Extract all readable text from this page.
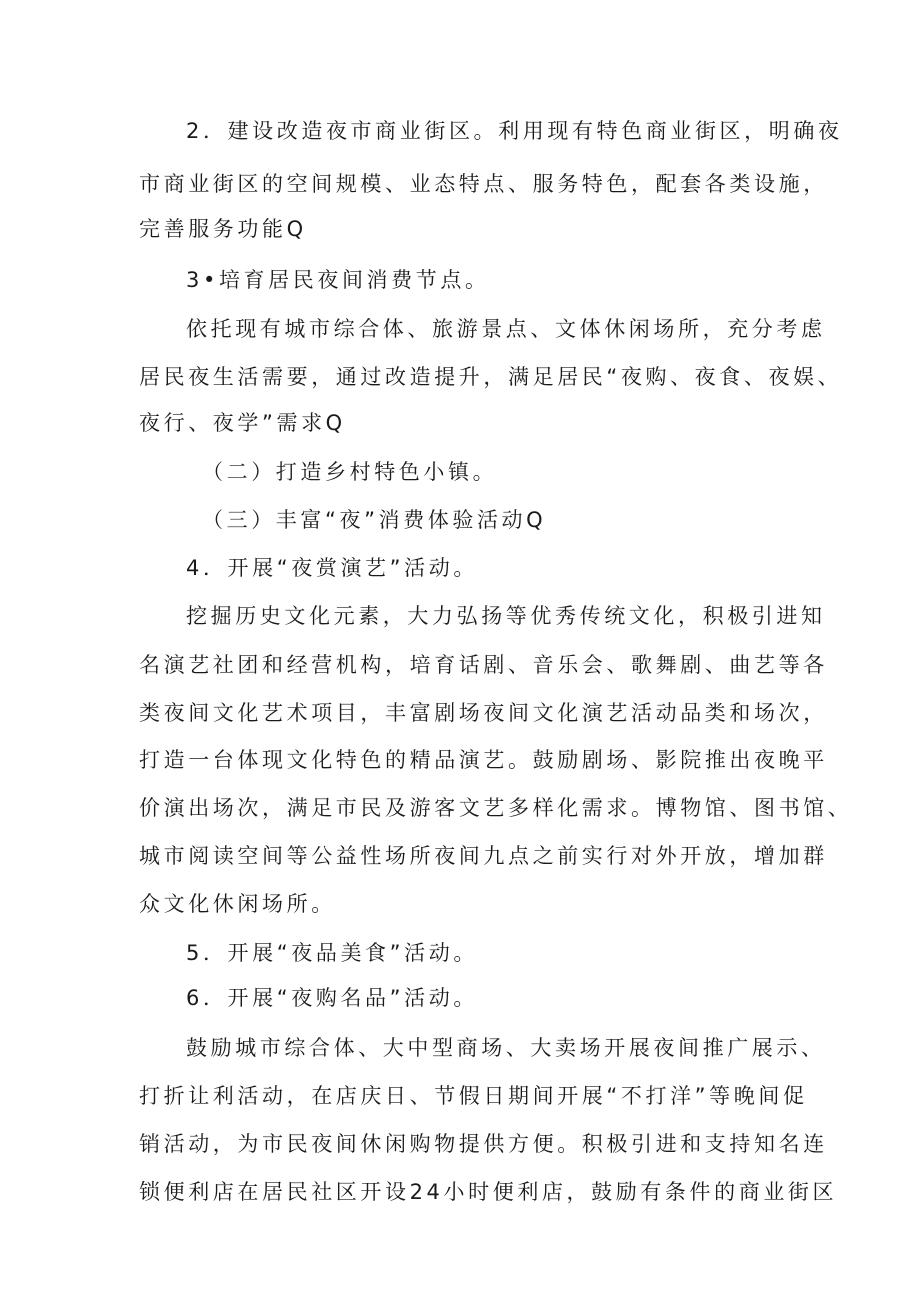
2．建设改造夜市商业街区。利用现有特色商业街区，明确夜

市商业街区的空间规模、业态特点、服务特色，配套各类设施，

完善服务功能Q

3•培育居民夜间消费节点。

依托现有城市综合体、旅游景点、文体休闲场所，充分考虑

居民夜生活需要，通过改造提升，满足居民“夜购、夜食、夜娱、

夜行、夜学”需求Q

（二）打造乡村特色小镇。

（三）丰富“夜”消费体验活动Q

4．开展“夜赏演艺”活动。

挖掘历史文化元素，大力弘扬等优秀传统文化，积极引进知

名演艺社团和经营机构，培育话剧、音乐会、歌舞剧、曲艺等各

类夜间文化艺术项目，丰富剧场夜间文化演艺活动品类和场次，

打造一台体现文化特色的精品演艺。鼓励剧场、影院推出夜晚平

价演出场次，满足市民及游客文艺多样化需求。博物馆、图书馆、

城市阅读空间等公益性场所夜间九点之前实行对外开放，增加群

众文化休闲场所。

5．开展“夜品美食”活动。

6．开展“夜购名品”活动。

鼓励城市综合体、大中型商场、大卖场开展夜间推广展示、

打折让利活动，在店庆日、节假日期间开展“不打洋”等晚间促

销活动，为市民夜间休闲购物提供方便。积极引进和支持知名连

锁便利店在居民社区开设24小时便利店，鼓励有条件的商业街区
